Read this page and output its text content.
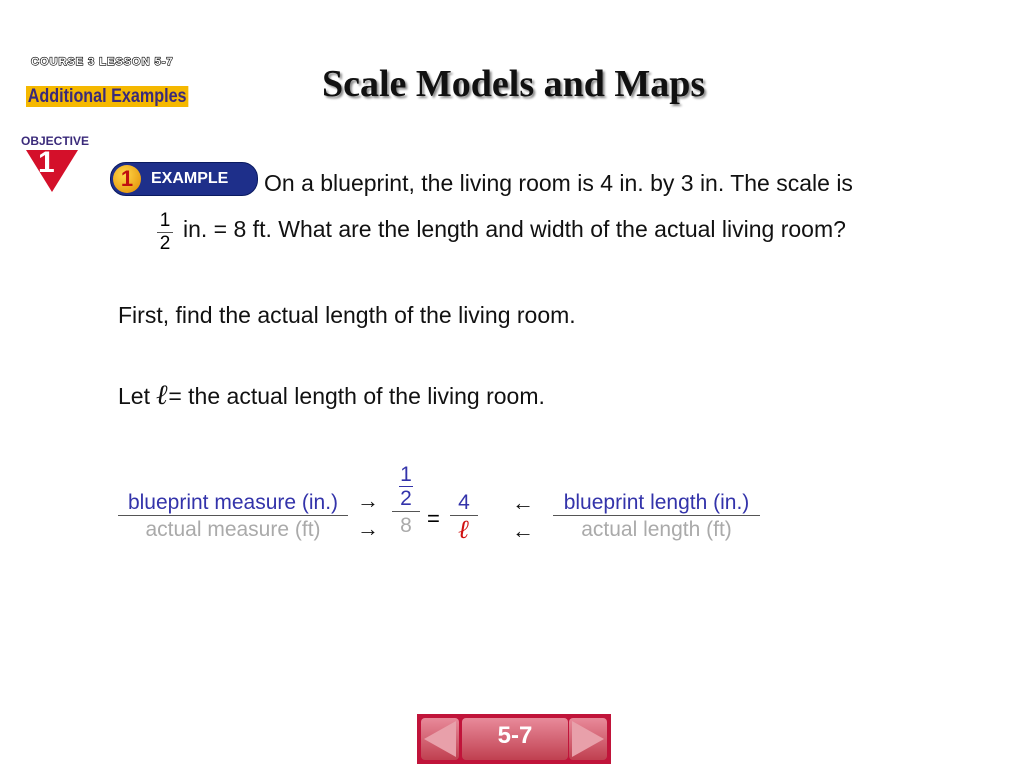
COURSE 3 LESSON 5-7
Additional Examples	Scale Models and Maps
OBJECTIVE
1	1	EXAMPLE On a blueprint, the living room is 4 in. by 3 in. The scale is
$\frac{1}{2}$ in. = 8 ft. What are the length and width of the actual living room?
First, find the actual length of the living room.
Let ℓ= the actual length of the living room.
blueprint measure (in.)
actual measure (ft)
→
→
1
2
8 =
4
ℓ
←
←
blueprint length (in.)
actual length (ft)
5-7
